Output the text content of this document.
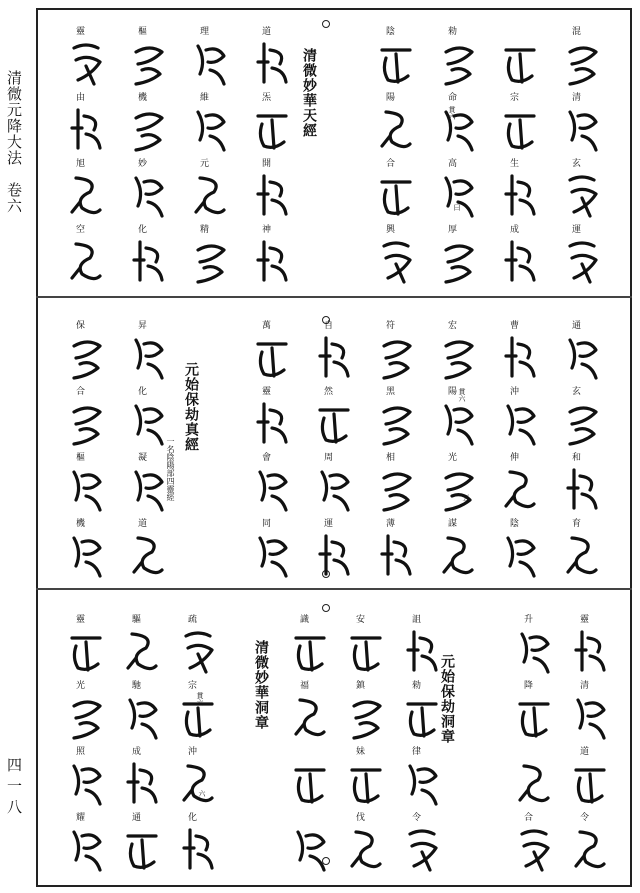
清微元降大法　卷六
四一八
清微妙華天經	貫六
曰
混
清
玄
運
宗
生
成
勑
命
高
厚
陰
陽
合
興
道
炁
開
神
理
維
元
精
樞
機
妙
化
靈
由
旭
空
元始保劫真經
一名陰陽部四靈經
貫六
五
通
玄
和
育
曹
沖
伸
陰
宏
陽
光
謀
符
黑
相
薄
自
然
周
運
萬
靈
會
同
昇
化
凝
道
保
合
樞
機
清微妙華洞章	元始保劫洞章
貫六
六
靈
清
道
令
升
降
合
詛
勑
律
令
安
鎮
妹
伐
識
福
疏
宗
沖
化
驅
馳
成
通
靈
光
照
耀
